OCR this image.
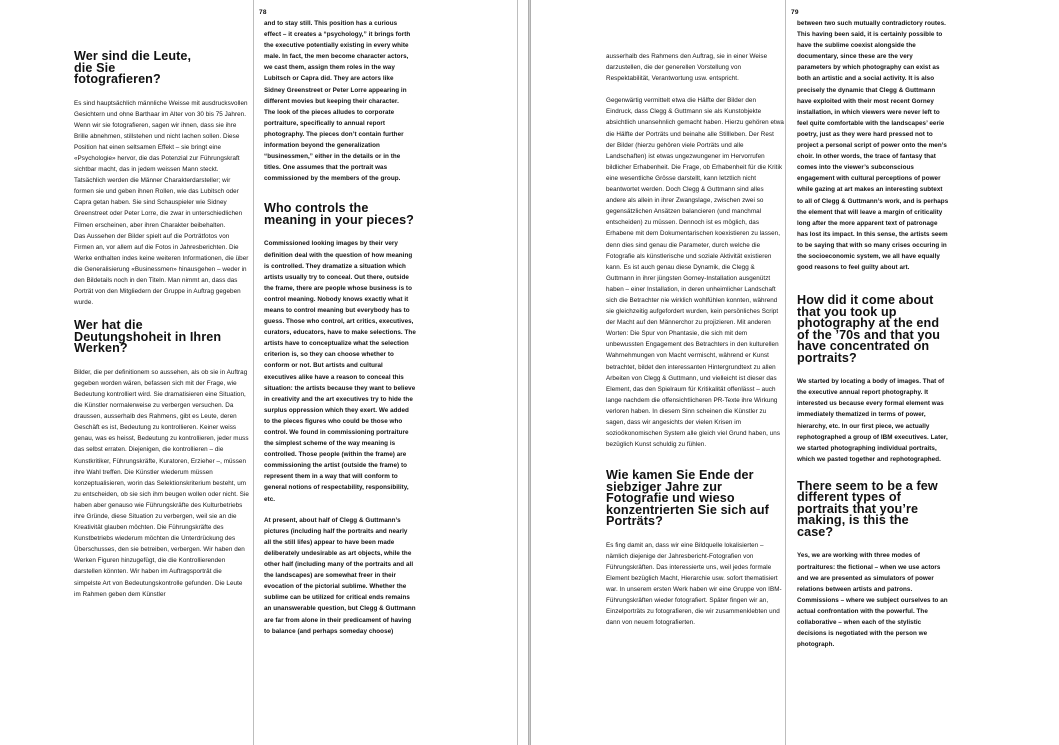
78
Wer sind die Leute, die Sie fotografieren?

Es sind hauptsächlich männliche Weisse mit ausdrucksvollen Gesichtern und ohne Barthaar im Alter von 30 bis 75 Jahren. Wenn wir sie fotografieren, sagen wir ihnen, dass sie ihre Brille abnehmen, stillstehen und nicht lachen sollen. Diese Position hat einen seltsamen Effekt – sie bringt eine «Psychologie» hervor, die das Potenzial zur Führungskraft sichtbar macht, das in jedem weissen Mann steckt. Tatsächlich werden die Männer Charakterdarsteller; wir formen sie und geben ihnen Rollen, wie das Lubitsch oder Capra getan haben. Sie sind Schauspieler wie Sidney Greenstreet oder Peter Lorre, die zwar in unterschiedlichen Filmen erscheinen, aber ihren Charakter beibehalten.

Das Aussehen der Bilder spielt auf die Porträtfotos von Firmen an, vor allem auf die Fotos in Jahresberichten. Die Werke enthalten indes keine weiteren Informationen, die über die Generalisierung «Businessmen» hinausgehen – weder in den Bildetails noch in den Titeln. Man nimmt an, dass das Porträt von den Mitgliedern der Gruppe in Auftrag gegeben wurde.

Wer hat die Deutungshoheit in Ihren Werken?

Bilder, die per definitionem so aussehen, als ob sie in Auftrag gegeben worden wären, befassen sich mit der Frage, wie Bedeutung kontrolliert wird. Sie dramatisieren eine Situation, die Künstler normalerweise zu verbergen versuchen. Da draussen, ausserhalb des Rahmens, gibt es Leute, deren Geschäft es ist, Bedeutung zu kontrollieren. Keiner weiss genau, was es heisst, Bedeutung zu kontrollieren, jeder muss das selbst erraten. Diejenigen, die kontrollieren – die Kunstkritiker, Führungskräfte, Kuratoren, Erzieher –, müssen ihre Wahl treffen. Die Künstler wiederum müssen konzeptualisieren, worin das Selektionskriterium besteht, um zu entscheiden, ob sie sich ihm beugen wollen oder nicht. Sie haben aber genauso wie Führungskräfte des Kulturbetriebs ihre Gründe, diese Situation zu verbergen, weil sie an die Kreativität glauben möchten. Die Führungskräfte des Kunstbetriebs wiederum möchten die Unterdrückung des Überschusses, den sie betreiben, verbergen. Wir haben den Werken Figuren hinzugefügt, die die Kontrollierenden darstellen könnten. Wir haben im Auftragsporträt die simpelste Art von Bedeutungskontrolle gefunden. Die Leute im Rahmen geben dem Künstler

and to stay still. This position has a curious effect – it creates a “psychology,” it brings forth the executive potentially existing in every white male. In fact, the men become character actors, we cast them, assign them roles in the way Lubitsch or Capra did. They are actors like Sidney Greenstreet or Peter Lorre appearing in different movies but keeping their character.

The look of the pieces alludes to corporate portraiture, specifically to annual report photography. The pieces don’t contain further information beyond the generalization “businessmen,” either in the details or in the titles. One assumes that the portrait was commissioned by the members of the group.

Who controls the meaning in your pieces?

Commissioned looking images by their very definition deal with the question of how meaning is controlled. They dramatize a situation which artists usually try to conceal. Out there, outside the frame, there are people whose business is to control meaning. Nobody knows exactly what it means to control meaning but everybody has to guess. Those who control, art critics, executives, curators, educators, have to make selections. The artists have to conceptualize what the selection criterion is, so they can choose whether to conform or not. But artists and cultural executives alike have a reason to conceal this situation: the artists because they want to believe in creativity and the art executives try to hide the surplus oppression which they exert. We added to the pieces figures who could be those who control. We found in commissioning portraiture the simplest scheme of the way meaning is controlled. Those people (within the frame) are commissioning the artist (outside the frame) to represent them in a way that will conform to general notions of respectability, responsibility, etc.

At present, about half of Clegg & Guttmann’s pictures (including half the portraits and nearly all the still lifes) appear to have been made deliberately undesirable as art objects, while the other half (including many of the portraits and all the landscapes) are somewhat freer in their evocation of the pictorial sublime. Whether the sublime can be utilized for critical ends remains an unanswerable question, but Clegg & Guttmann are far from alone in their predicament of having to balance (and perhaps someday choose)

79

ausserhalb des Rahmens den Auftrag, sie in einer Weise darzustellen, die der generellen Vorstellung von Respektabilität, Verantwortung usw. entspricht.

Gegenwärtig vermittelt etwa die Hälfte der Bilder den Eindruck, dass Clegg & Guttmann sie als Kunstobjekte absichtlich unansehnlich gemacht haben. Hierzu gehören etwa die Hälfte der Porträts und beinahe alle Stillleben. Der Rest der Bilder (hierzu gehören viele Porträts und alle Landschaften) ist etwas ungezwungener im Hervorrufen bildlicher Erhabenheit. Die Frage, ob Erhabenheit für die Kritik eine wesentliche Grösse darstellt, kann letztlich nicht beantwortet werden. Doch Clegg & Guttmann sind alles andere als allein in ihrer Zwangslage, zwischen zwei so gegensätzlichen Ansätzen balancieren (und manchmal entscheiden) zu müssen. Dennoch ist es möglich, das Erhabene mit dem Dokumentarischen koexistieren zu lassen, denn dies sind genau die Parameter, durch welche die Fotografie als künstlerische und soziale Aktivität existieren kann. Es ist auch genau diese Dynamik, die Clegg & Guttmann in ihrer jüngsten Gorney-Installation ausgenützt haben – einer Installation, in deren unheimlicher Landschaft sich die Betrachter nie wirklich wohlfühlen konnten, während sie gleichzeitig aufgefordert wurden, kein persönliches Script der Macht auf den Männerchor zu projizieren. Mit anderen Worten: Die Spur von Phantasie, die sich mit dem unbewussten Engagement des Betrachters in den kulturellen Wahrnehmungen von Macht vermischt, während er Kunst betrachtet, bildet den interessanten Hintergrundtext zu allen Arbeiten von Clegg & Guttmann, und vielleicht ist dieser das Element, das den Spielraum für Kritikalität offenlässt – auch lange nachdem die offensichtlicheren PR-Texte ihre Wirkung verloren haben. In diesem Sinn scheinen die Künstler zu sagen, dass wir angesichts der vielen Krisen im sozioökonomischen System alle gleich viel Grund haben, uns bezüglich Kunst schuldig zu fühlen.

Wie kamen Sie Ende der siebziger Jahre zur Fotografie und wieso konzentrierten Sie sich auf Porträts?

Es fing damit an, dass wir eine Bildquelle lokalisierten – nämlich diejenige der Jahresbericht-Fotografien von Führungskräften. Das interessierte uns, weil jedes formale Element bezüglich Macht, Hierarchie usw. sofort thematisiert war. In unserem ersten Werk haben wir eine Gruppe von IBM-Führungskräften wieder fotografiert. Später fingen wir an, Einzelporträts zu fotografieren, die wir zusammenklebten und dann von neuem fotografierten.

between two such mutually contradictory routes. This having been said, it is certainly possible to have the sublime coexist alongside the documentary, since these are the very parameters by which photography can exist as both an artistic and a social activity. It is also precisely the dynamic that Clegg & Guttmann have exploited with their most recent Gorney installation, in which viewers were never left to feel quite comfortable with the landscapes’ eerie poetry, just as they were hard pressed not to project a personal script of power onto the men’s choir. In other words, the trace of fantasy that comes into the viewer’s subconscious engagement with cultural perceptions of power while gazing at art makes an interesting subtext to all of Clegg & Guttmann’s work, and is perhaps the element that will leave a margin of criticality long after the more apparent text of patronage has lost its impact. In this sense, the artists seem to be saying that with so many crises occuring in the socioeconomic system, we all have equally good reasons to feel guilty about art.

How did it come about that you took up photography at the end of the ’70s and that you have concentrated on portraits?

We started by locating a body of images. That of the executive annual report photography. It interested us because every formal element was immediately thematized in terms of power, hierarchy, etc. In our first piece, we actually rephotographed a group of IBM executives. Later, we started photographing individual portraits, which we pasted together and rephotographed.

There seem to be a few different types of portraits that you’re making, is this the case?

Yes, we are working with three modes of portraitures: the fictional – when we use actors and we are presented as simulators of power relations between artists and patrons. Commissions – where we subject ourselves to an actual confrontation with the powerful. The collaborative – when each of the stylistic decisions is negotiated with the person we photograph.
